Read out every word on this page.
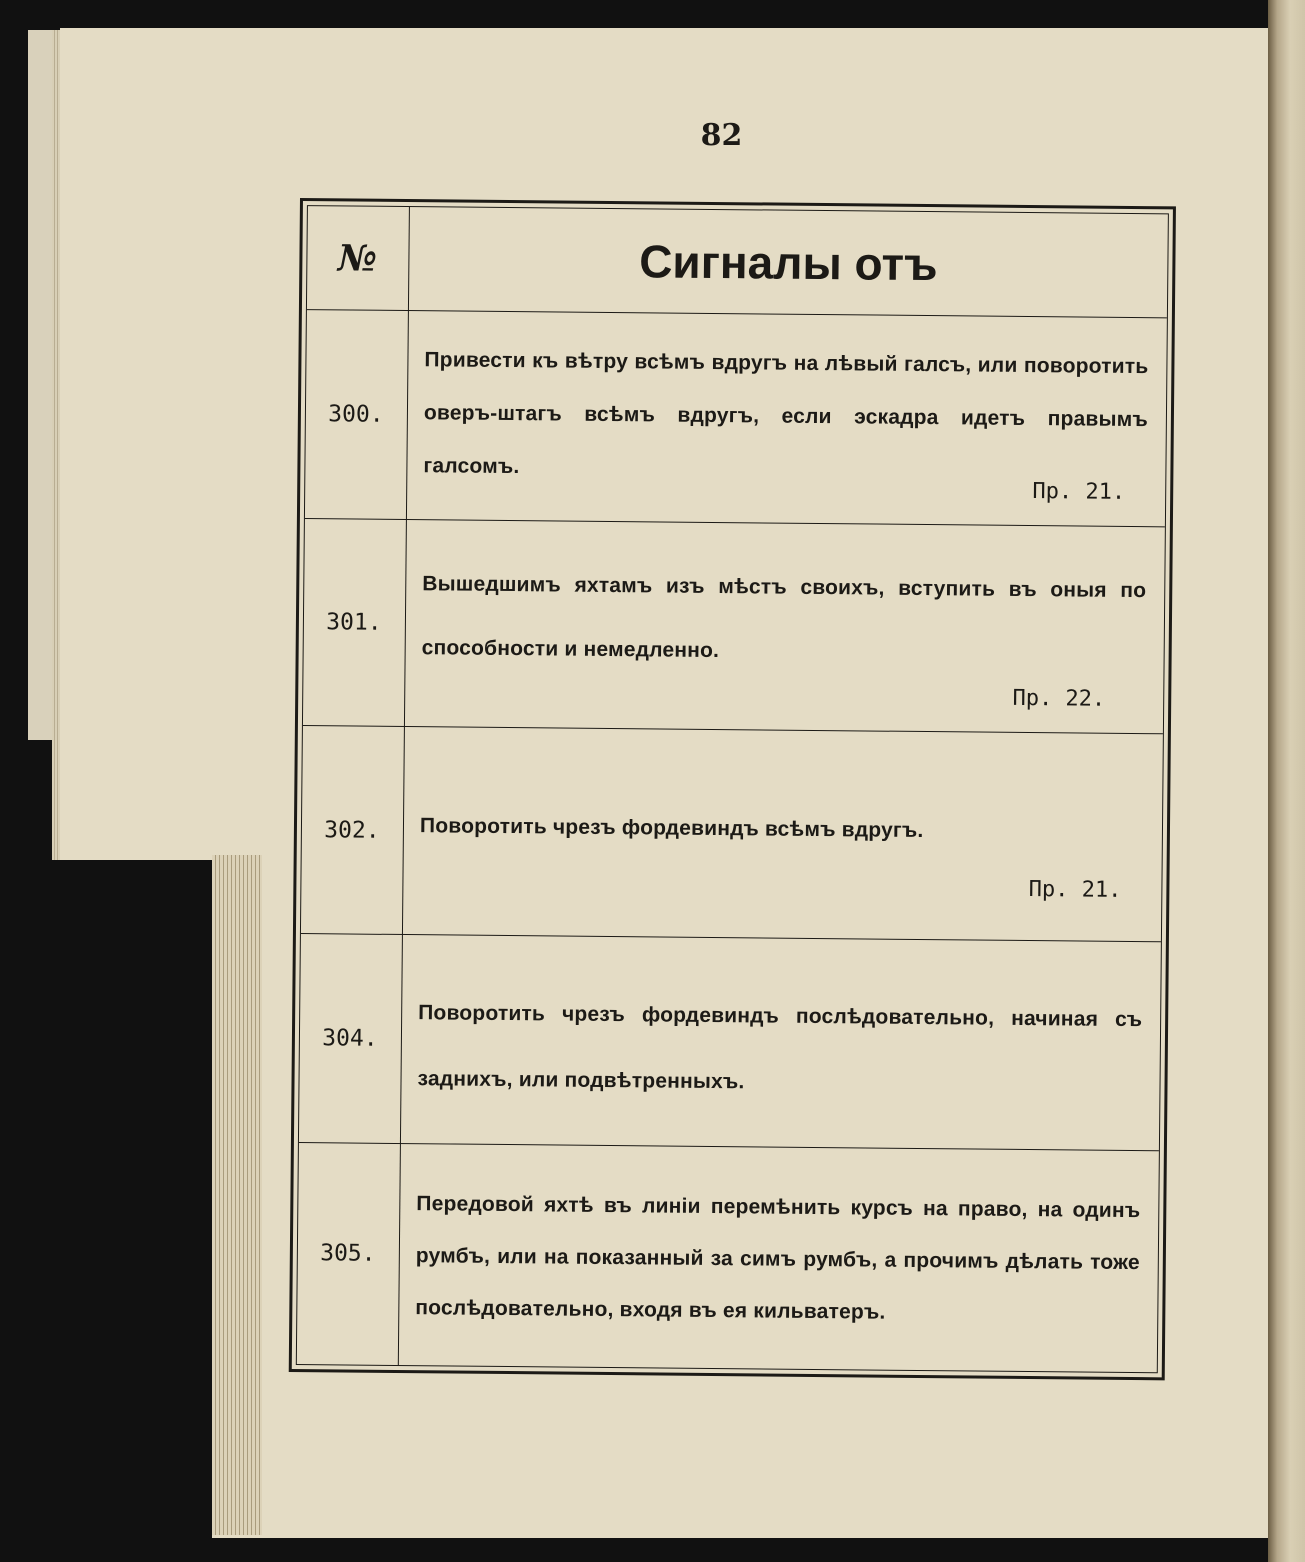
82
№	Сигналы отъ
300.
Привести къ вѣтру всѣмъ вдругъ на лѣвый галсъ, или поворотить оверъ-штагъ всѣмъ вдругъ, если эскадра идетъ правымъ галсомъ.
Пр. 21.
301.
Вышедшимъ яхтамъ изъ мѣстъ своихъ, вступить въ оныя по способности и немедленно.
Пр. 22.
302.	Поворотить чрезъ фордевиндъ всѣмъ вдругъ.
Пр. 21.
304.
Поворотить чрезъ фордевиндъ послѣдовательно, начиная съ заднихъ, или подвѣтренныхъ.
305.
Передовой яхтѣ въ линіи перемѣнить курсъ на право, на одинъ румбъ, или на показанный за симъ румбъ, а прочимъ дѣлать тоже послѣдовательно, входя въ ея кильватеръ.
